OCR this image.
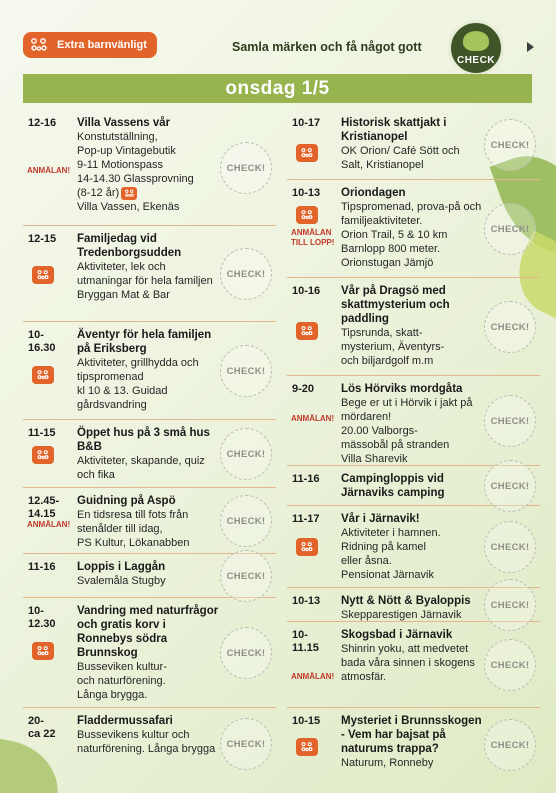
Extra barnvänligt	Samla märken och få något gott
CHECK
onsdag 1/5
12-16
ANMÄLAN!
Villa Vassens vår
Konstutställning,
Pop-up Vintagebutik
9-11 Motionspass
14-14.30 Glassprovning
(8-12 år)
Villa Vassen, Ekenäs
CHECK!
12-15	Familjedag vid Tredenborgsudden
Aktiviteter, lek och utmaningar för hela familjen
Bryggan Mat & Bar
CHECK!
10-
16.30
Äventyr för hela familjen på Eriksberg
Aktiviteter, grillhydda och tipspromenad
kl 10 & 13. Guidad gårdsvandring
CHECK!
11-15	Öppet hus på 3 små hus B&B
Aktiviteter, skapande, quiz och fika
CHECK!
12.45-
14.15
ANMÄLAN!
Guidning på Aspö
En tidsresa till fots från stenålder till idag,
PS Kultur, Lökanabben
CHECK!
11-16	Loppis i Laggån
Svalemåla Stugby	CHECK!
10-
12.30
Vandring med naturfrågor och gratis korv i Ronnebys södra Brunnskog
Busseviken kultur-
och naturförening.
Långa brygga.
CHECK!
20-
ca 22
Fladdermussafari
Bussevikens kultur och naturförening. Långa brygga	CHECK!
10-17	Historisk skattjakt i Kristianopel
OK Orion/ Café Sött och Salt, Kristianopel
CHECK!
10-13
ANMÄLAN TILL LOPP!
Oriondagen
Tipspromenad, prova-på och familjeaktiviteter.
Orion Trail, 5 & 10 km
Barnlopp 800 meter.
Orionstugan Jämjö
CHECK!
10-16	Vår på Dragsö med skattmysterium och paddling
Tipsrunda, skatt-
mysterium, Äventyrs-
och biljardgolf m.m
CHECK!
9-20
ANMÄLAN!
Lös Hörviks mordgåta
Bege er ut i Hörvik i jakt på mördaren!
20.00 Valborgs-
mässobål på stranden
Villa Sharevik
CHECK!
11-16	Campingloppis vid Järnaviks camping
CHECK!
11-17	Vår i Järnavik!
Aktiviteter i hamnen.
Ridning på kamel
eller åsna.
Pensionat Järnavik
CHECK!
10-13	Nytt & Nött & Byaloppis
Skepparestigen Järnavik
CHECK!
10-
11.15
ANMÄLAN!
Skogsbad i Järnavik
Shinrin yoku, att medvetet bada våra sinnen i skogens atmosfär.
CHECK!
10-15	Mysteriet i Brunnsskogen - Vem har bajsat på naturums trappa?
Naturum, Ronneby
CHECK!
